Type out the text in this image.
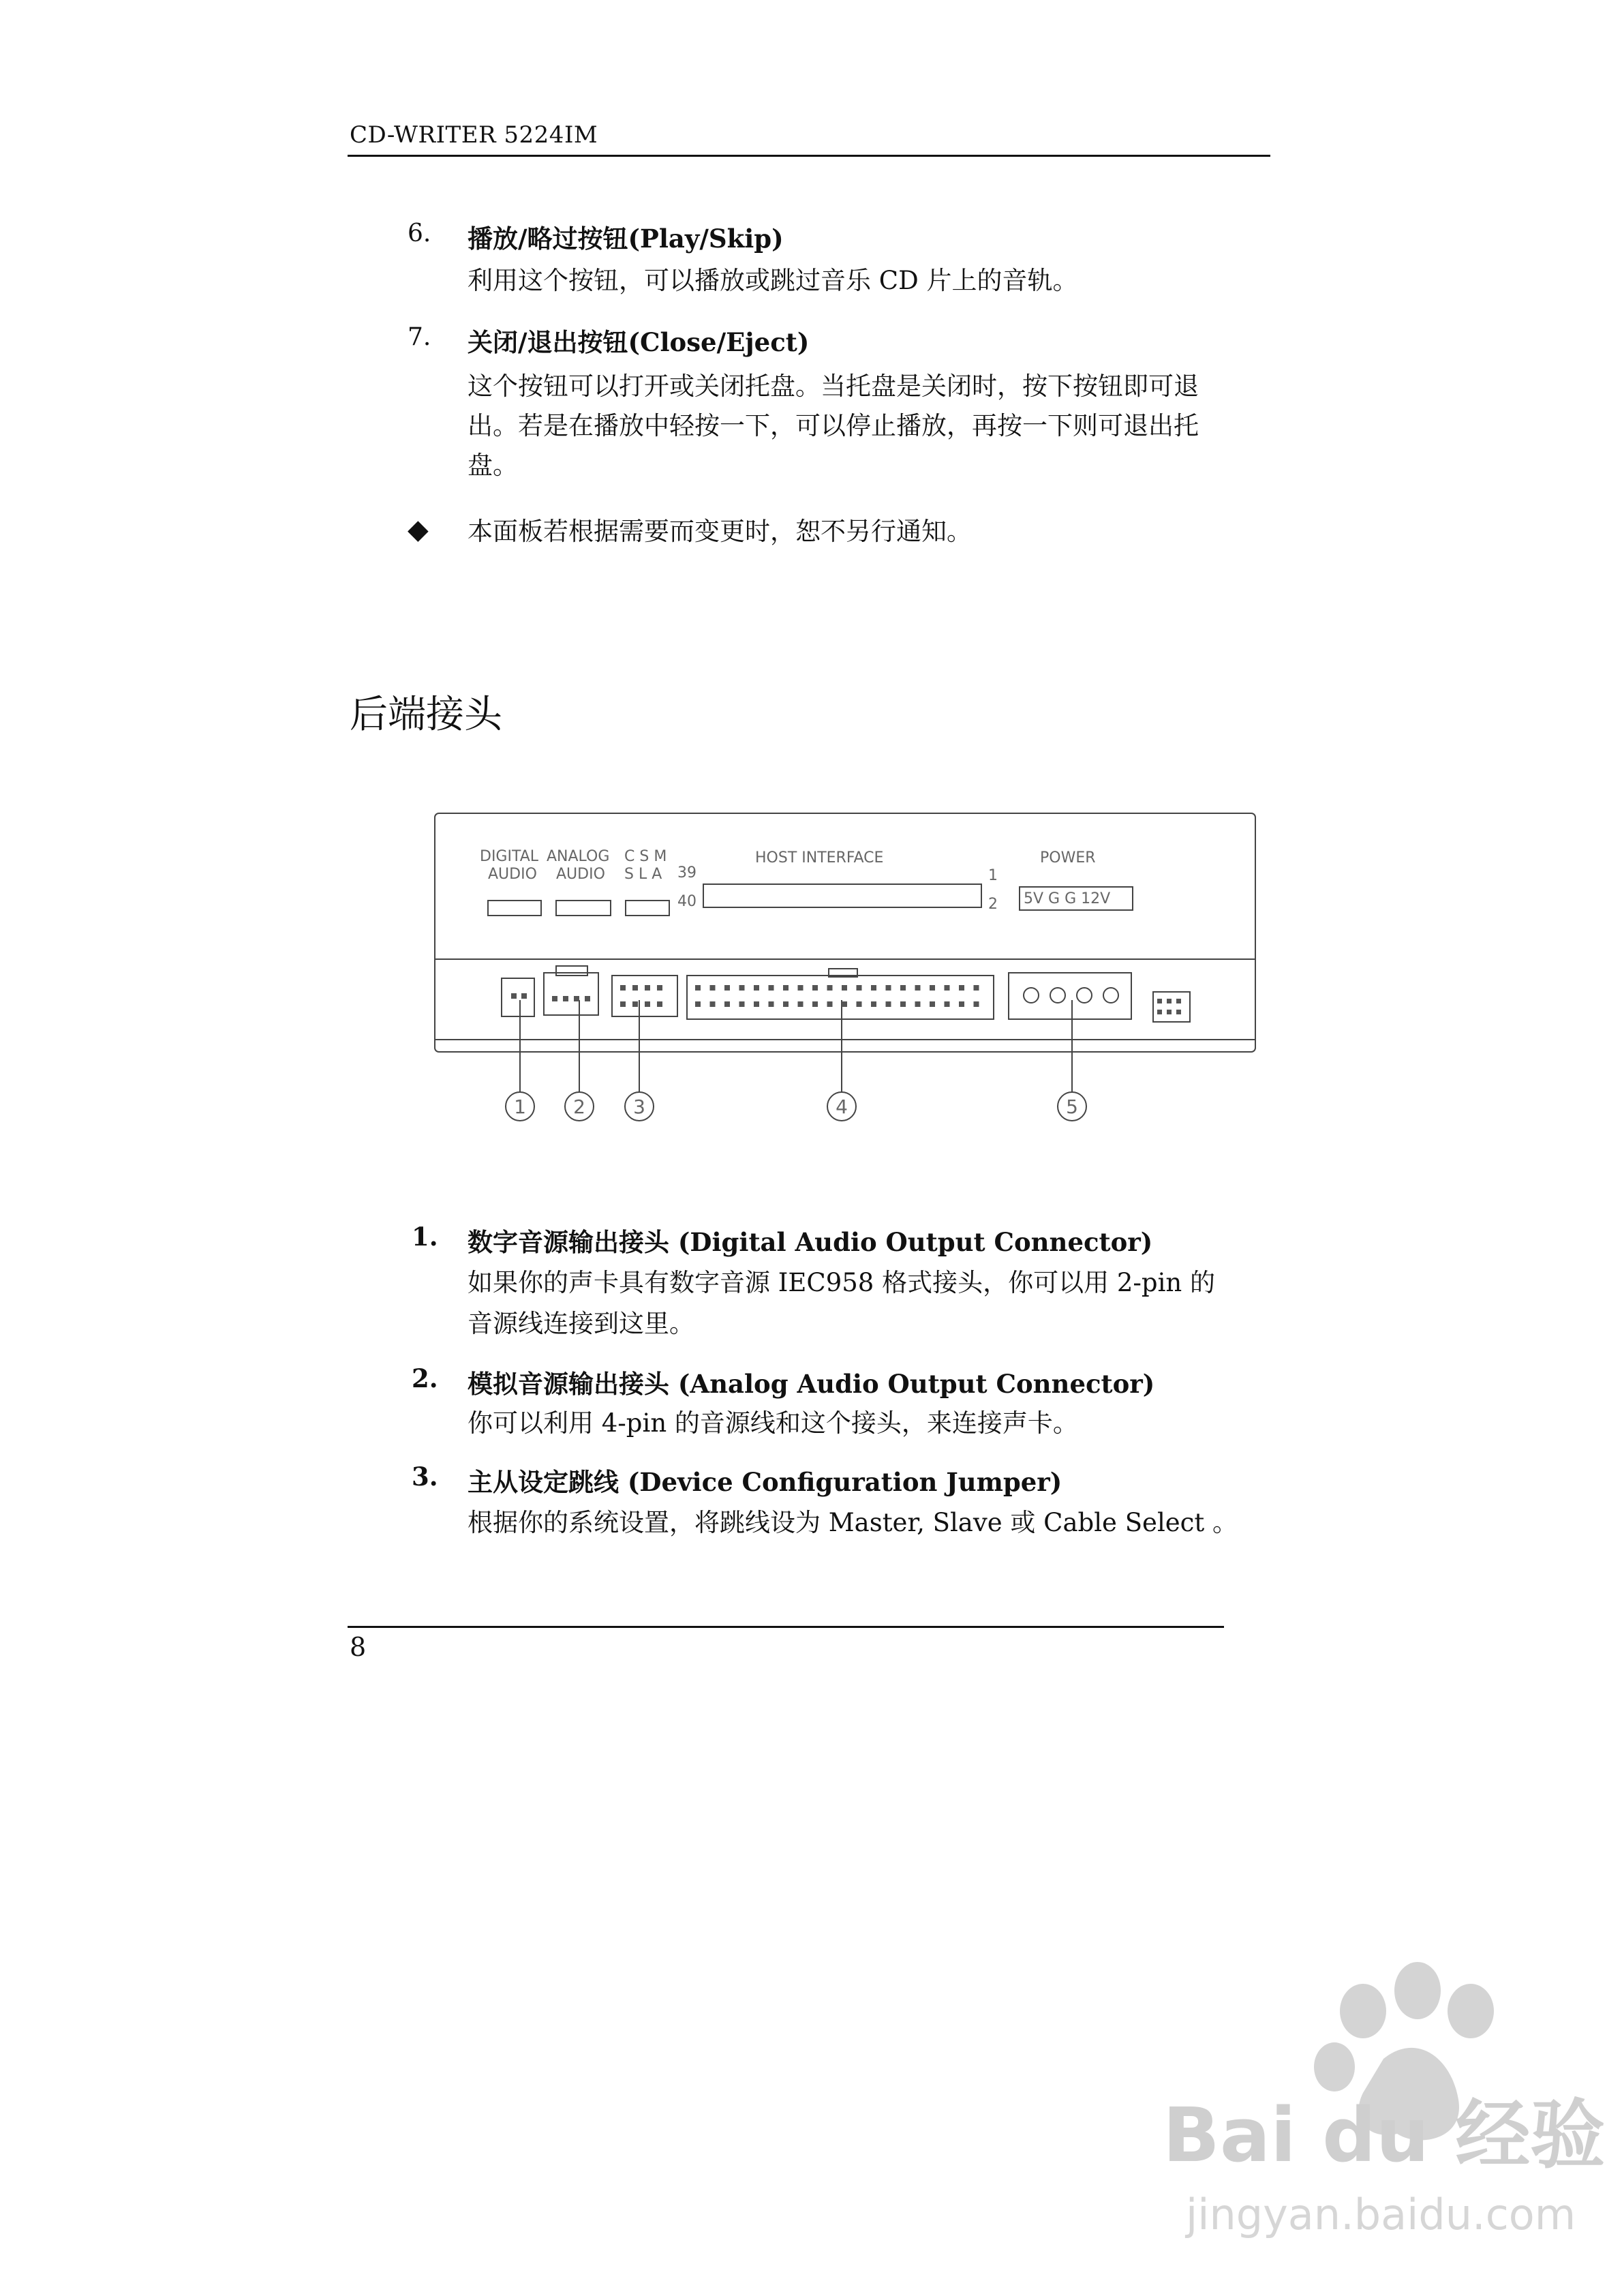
CD-WRITER 5224IM
6. 播放/略过按钮(Play/Skip)
利用这个按钮，可以播放或跳过音乐 CD 片上的音轨。
7. 关闭/退出按钮(Close/Eject)
这个按钮可以打开或关闭托盘。当托盘是关闭时，按下按钮即可退
出。若是在播放中轻按一下，可以停止播放，再按一下则可退出托
盘。
◆ 本面板若根据需要而变更时，恕不另行通知。
后端接头
DIGITAL
AUDIO
ANALOG
AUDIO
C S M
S L A 39
40
HOST INTERFACE
1
2
POWER
5V G G 12V
1 2	3	4	5
1. 数字音源输出接头 (Digital Audio Output Connector)
如果你的声卡具有数字音源 IEC958 格式接头，你可以用 2-pin 的
音源线连接到这里。
2. 模拟音源输出接头 (Analog Audio Output Connector)
你可以利用 4-pin 的音源线和这个接头，来连接声卡。
3. 主从设定跳线 (Device Configuration Jumper)
根据你的系统设置，将跳线设为 Master, Slave 或 Cable Select 。
8
Bai du 经验
jingyan.baidu.com
